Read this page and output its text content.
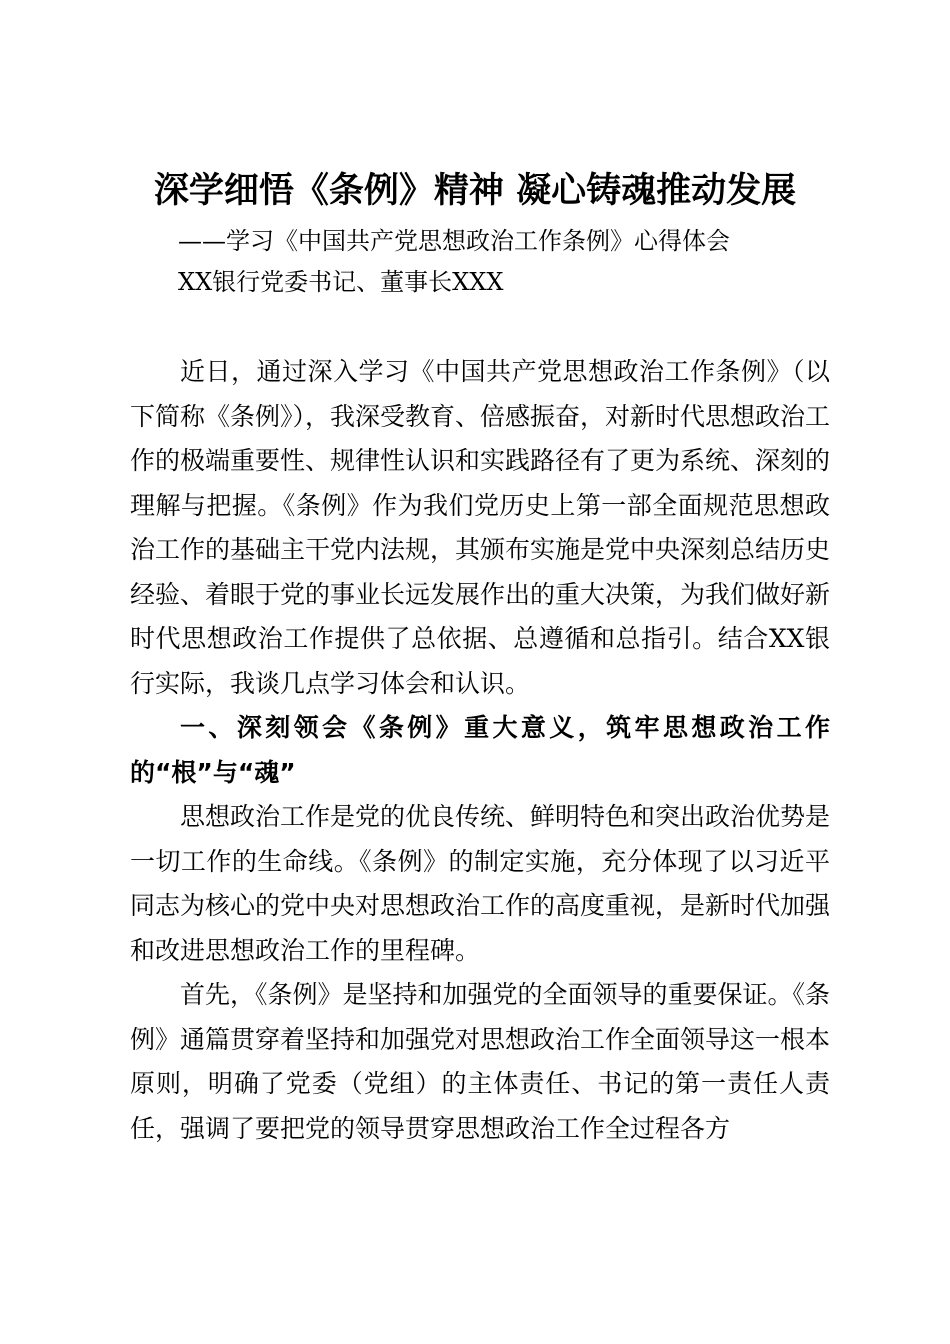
深学细悟《条例》精神 凝心铸魂推动发展
——学习《中国共产党思想政治工作条例》心得体会
XX银行党委书记、董事长XXX

近日，通过深入学习《中国共产党思想政治工作条例》（以下简称《条例》），我深受教育、倍感振奋，对新时代思想政治工作的极端重要性、规律性认识和实践路径有了更为系统、深刻的理解与把握。《条例》作为我们党历史上第一部全面规范思想政治工作的基础主干党内法规，其颁布实施是党中央深刻总结历史经验、着眼于党的事业长远发展作出的重大决策，为我们做好新时代思想政治工作提供了总依据、总遵循和总指引。结合XX银行实际，我谈几点学习体会和认识。

一、深刻领会《条例》重大意义，筑牢思想政治工作的“根”与“魂”

思想政治工作是党的优良传统、鲜明特色和突出政治优势是一切工作的生命线。《条例》的制定实施，充分体现了以习近平同志为核心的党中央对思想政治工作的高度重视，是新时代加强和改进思想政治工作的里程碑。

首先，《条例》是坚持和加强党的全面领导的重要保证。《条例》通篇贯穿着坚持和加强党对思想政治工作全面领导这一根本原则，明确了党委（党组）的主体责任、书记的第一责任人责任，强调了要把党的领导贯穿思想政治工作全过程各方
